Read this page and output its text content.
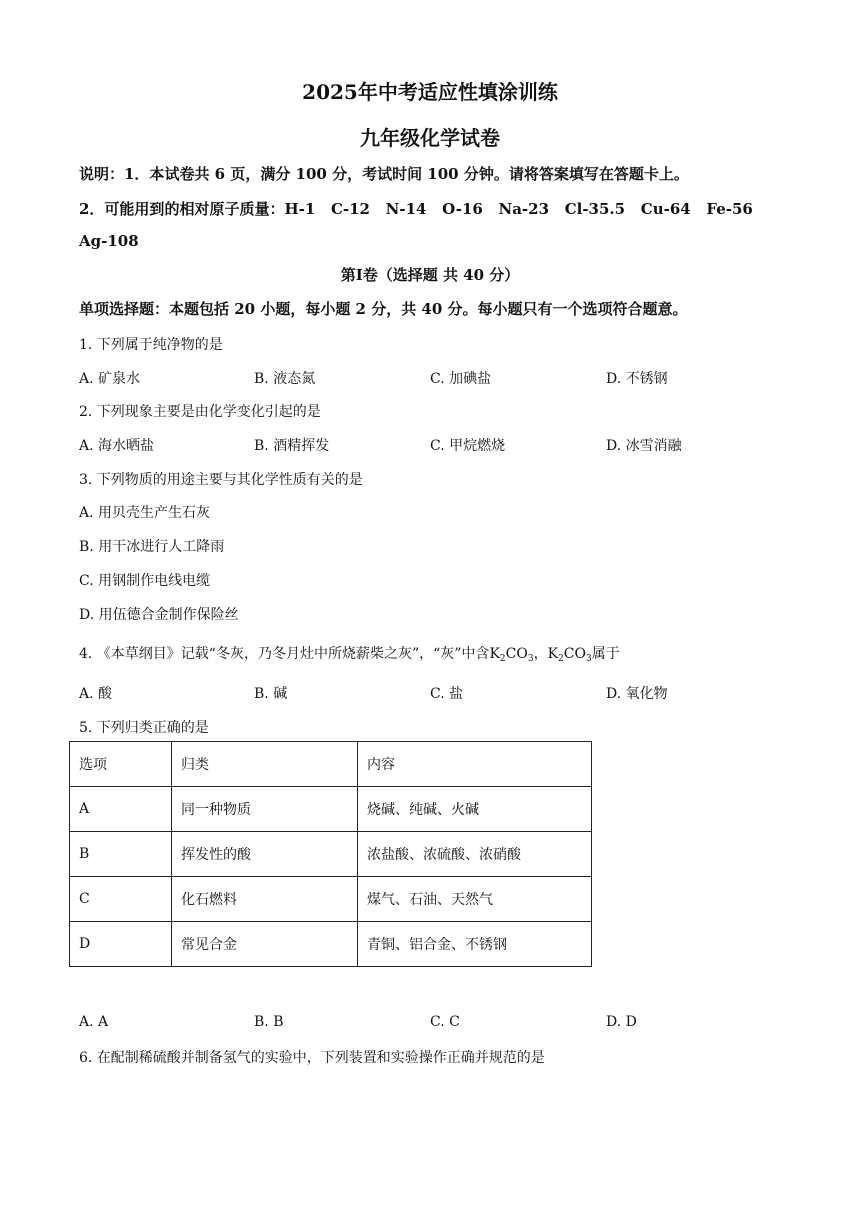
2025年中考适应性填涂训练
九年级化学试卷
说明：1．本试卷共 6 页，满分 100 分，考试时间 100 分钟。请将答案填写在答题卡上。
2．可能用到的相对原子质量：H-1   C-12   N-14   O-16   Na-23   Cl-35.5   Cu-64   Fe-56
Ag-108
第Ⅰ卷（选择题 共 40 分）
单项选择题：本题包括 20 小题，每小题 2 分，共 40 分。每小题只有一个选项符合题意。
1. 下列属于纯净物的是
A. 矿泉水	B. 液态氮	C. 加碘盐	D. 不锈钢
2. 下列现象主要是由化学变化引起的是
A. 海水晒盐	B. 酒精挥发	C. 甲烷燃烧	D. 冰雪消融
3. 下列物质的用途主要与其化学性质有关的是
A. 用贝壳生产生石灰
B. 用干冰进行人工降雨
C. 用钢制作电线电缆
D. 用伍德合金制作保险丝
4. 《本草纲目》记载“冬灰，乃冬月灶中所烧薪柴之灰”，“灰”中含$K_2CO_3$，$K_2CO_3$属于
A. 酸	B. 碱	C. 盐	D. 氧化物
5. 下列归类正确的是
选项	归类	内容
A	同一种物质	烧碱、纯碱、火碱
B	挥发性的酸	浓盐酸、浓硫酸、浓硝酸
C	化石燃料	煤气、石油、天然气
D	常见合金	青铜、铝合金、不锈钢
A. A	B. B	C. C	D. D
6. 在配制稀硫酸并制备氢气的实验中，下列装置和实验操作正确并规范的是
